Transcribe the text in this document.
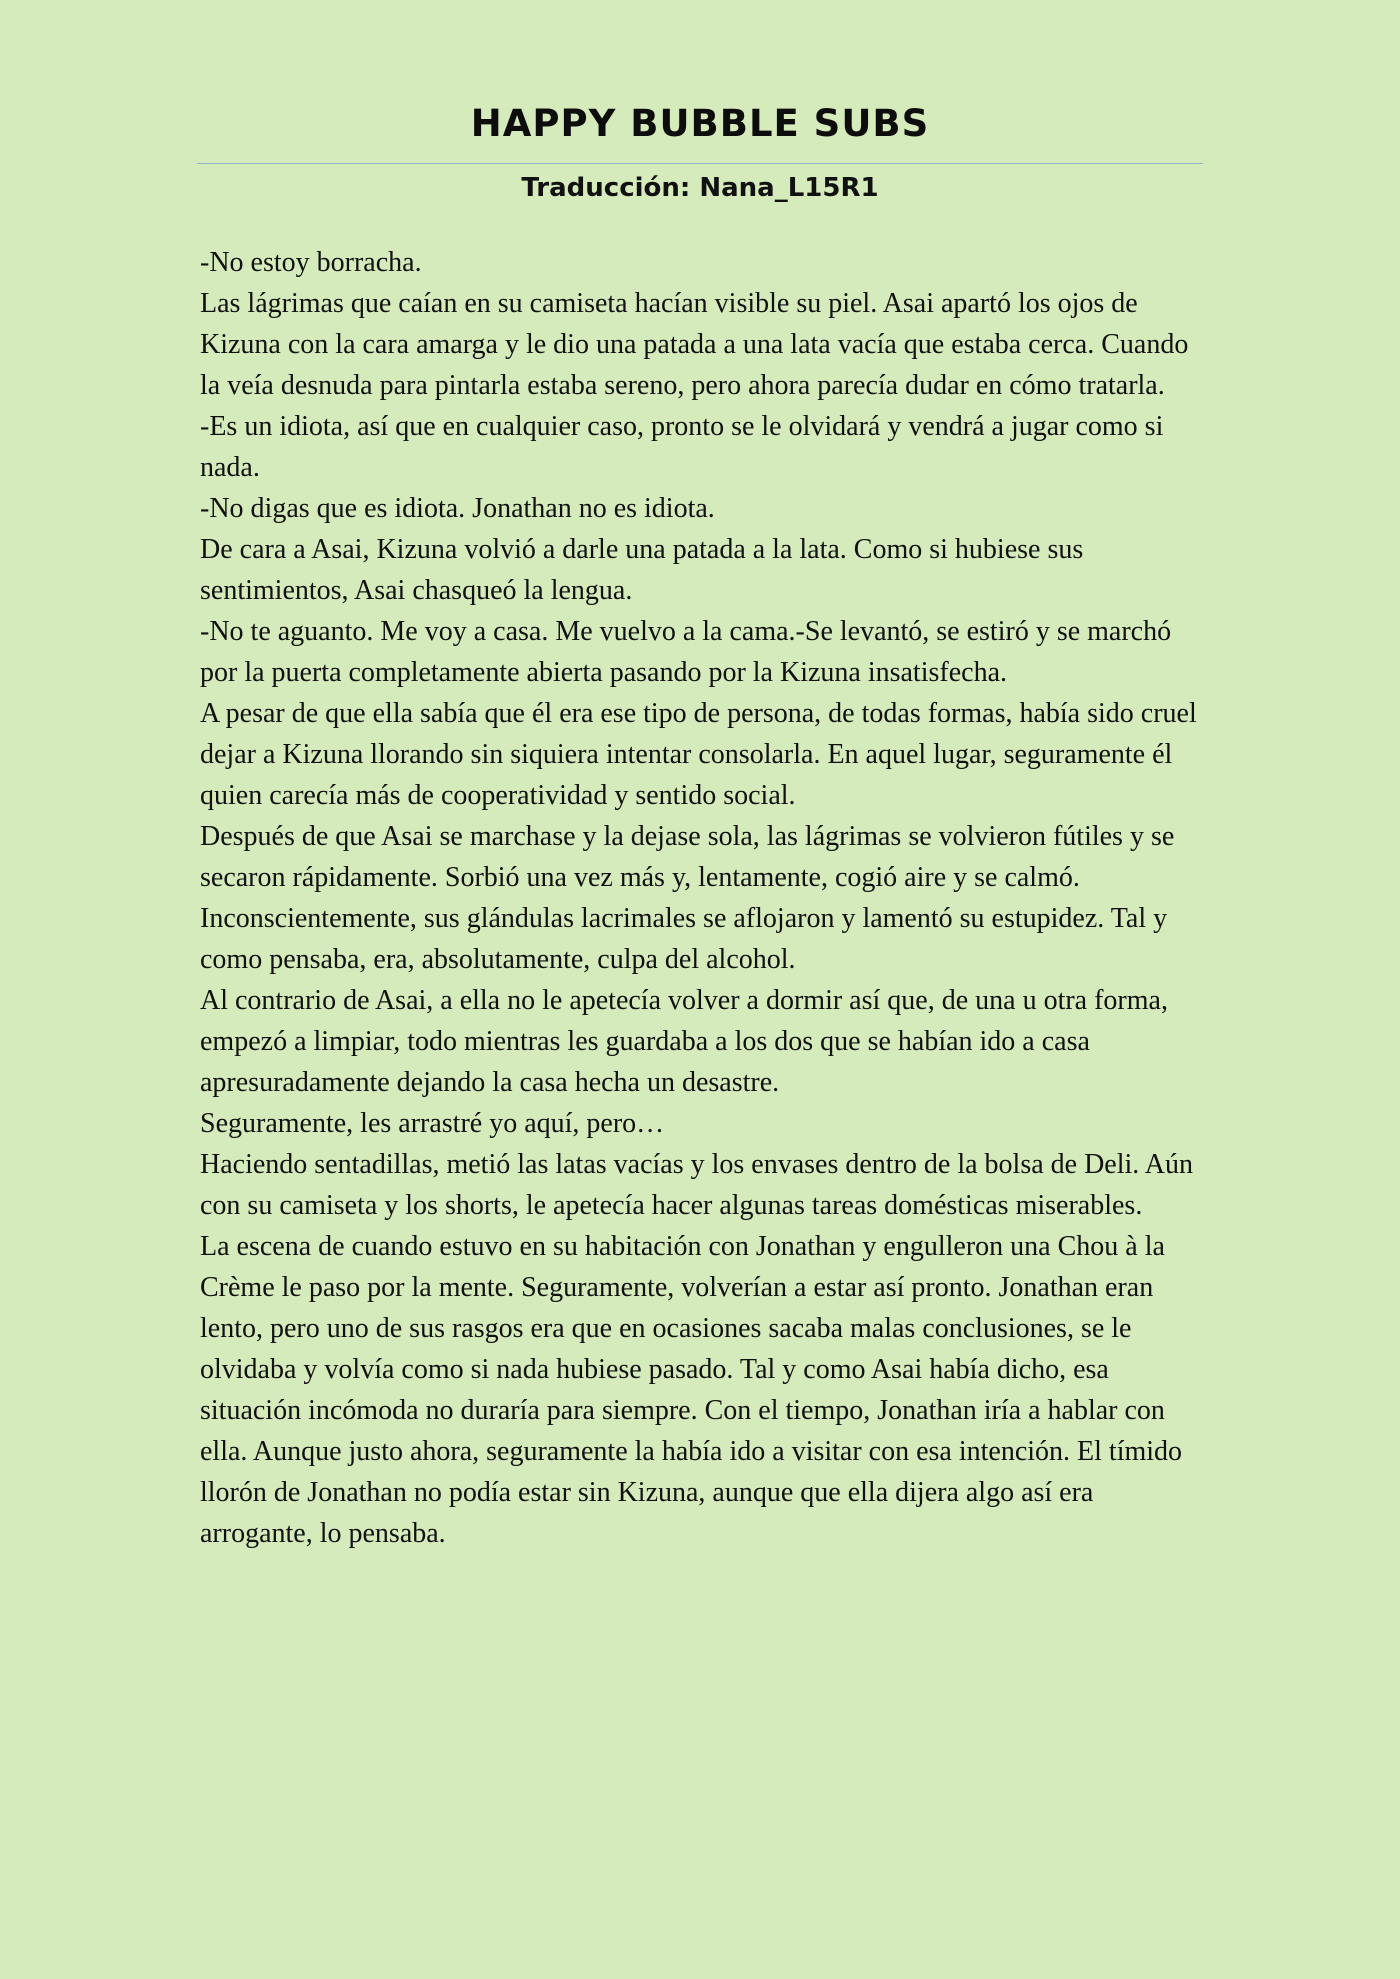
HAPPY BUBBLE SUBS
Traducción: Nana_L15R1

-No estoy borracha.

Las lágrimas que caían en su camiseta hacían visible su piel. Asai apartó los ojos de Kizuna con la cara amarga y le dio una patada a una lata vacía que estaba cerca. Cuando la veía desnuda para pintarla estaba sereno, pero ahora parecía dudar en cómo tratarla.

-Es un idiota, así que en cualquier caso, pronto se le olvidará y vendrá a jugar como si nada.

-No digas que es idiota. Jonathan no es idiota.

De cara a Asai, Kizuna volvió a darle una patada a la lata. Como si hubiese sus sentimientos, Asai chasqueó la lengua.

-No te aguanto. Me voy a casa. Me vuelvo a la cama.-Se levantó, se estiró y se marchó por la puerta completamente abierta pasando por la Kizuna insatisfecha.

A pesar de que ella sabía que él era ese tipo de persona, de todas formas, había sido cruel dejar a Kizuna llorando sin siquiera intentar consolarla. En aquel lugar, seguramente él quien carecía más de cooperatividad y sentido social.

Después de que Asai se marchase y la dejase sola, las lágrimas se volvieron fútiles y se secaron rápidamente. Sorbió una vez más y, lentamente, cogió aire y se calmó. Inconscientemente, sus glándulas lacrimales se aflojaron y lamentó su estupidez. Tal y como pensaba, era, absolutamente, culpa del alcohol.

Al contrario de Asai, a ella no le apetecía volver a dormir así que, de una u otra forma, empezó a limpiar, todo mientras les guardaba a los dos que se habían ido a casa apresuradamente dejando la casa hecha un desastre.

Seguramente, les arrastré yo aquí, pero…

Haciendo sentadillas, metió las latas vacías y los envases dentro de la bolsa de Deli. Aún con su camiseta y los shorts, le apetecía hacer algunas tareas domésticas miserables.

La escena de cuando estuvo en su habitación con Jonathan y engulleron una Chou à la Crème le paso por la mente. Seguramente, volverían a estar así pronto. Jonathan eran lento, pero uno de sus rasgos era que en ocasiones sacaba malas conclusiones, se le olvidaba y volvía como si nada hubiese pasado. Tal y como Asai había dicho, esa situación incómoda no duraría para siempre. Con el tiempo, Jonathan iría a hablar con ella. Aunque justo ahora, seguramente la había ido a visitar con esa intención. El tímido llorón de Jonathan no podía estar sin Kizuna, aunque que ella dijera algo así era arrogante, lo pensaba.
